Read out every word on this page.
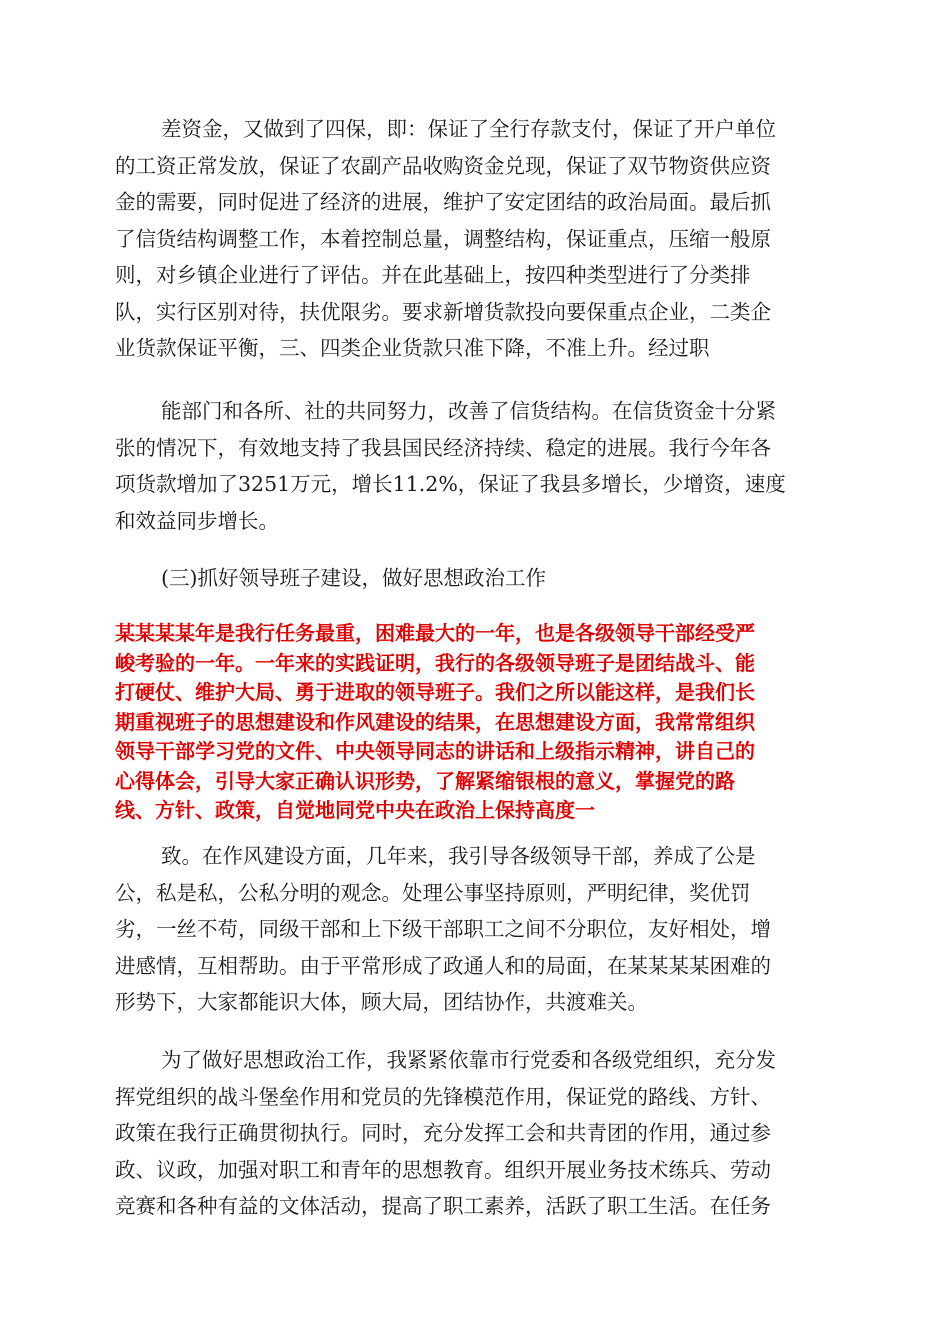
差资金，又做到了四保，即：保证了全行存款支付，保证了开户单位
的工资正常发放，保证了农副产品收购资金兑现，保证了双节物资供应资
金的需要，同时促进了经济的进展，维护了安定团结的政治局面。最后抓
了信货结构调整工作，本着控制总量，调整结构，保证重点，压缩一般原
则，对乡镇企业进行了评估。并在此基础上，按四种类型进行了分类排
队，实行区别对待，扶优限劣。要求新增货款投向要保重点企业，二类企
业货款保证平衡，三、四类企业货款只准下降，不准上升。经过职
能部门和各所、社的共同努力，改善了信货结构。在信货资金十分紧
张的情况下，有效地支持了我县国民经济持续、稳定的进展。我行今年各
项货款增加了3251万元，增长11.2%，保证了我县多增长，少增资，速度
和效益同步增长。
(三)抓好领导班子建设，做好思想政治工作
某某某某年是我行任务最重，困难最大的一年，也是各级领导干部经受严
峻考验的一年。一年来的实践证明，我行的各级领导班子是团结战斗、能
打硬仗、维护大局、勇于进取的领导班子。我们之所以能这样，是我们长
期重视班子的思想建设和作风建设的结果，在思想建设方面，我常常组织
领导干部学习党的文件、中央领导同志的讲话和上级指示精神，讲自己的
心得体会，引导大家正确认识形势，了解紧缩银根的意义，掌握党的路
线、方针、政策，自觉地同党中央在政治上保持高度一
致。在作风建设方面，几年来，我引导各级领导干部，养成了公是
公，私是私，公私分明的观念。处理公事坚持原则，严明纪律，奖优罚
劣，一丝不苟，同级干部和上下级干部职工之间不分职位，友好相处，增
进感情，互相帮助。由于平常形成了政通人和的局面，在某某某某困难的
形势下，大家都能识大体，顾大局，团结协作，共渡难关。
为了做好思想政治工作，我紧紧依靠市行党委和各级党组织，充分发
挥党组织的战斗堡垒作用和党员的先锋模范作用，保证党的路线、方针、
政策在我行正确贯彻执行。同时，充分发挥工会和共青团的作用，通过参
政、议政，加强对职工和青年的思想教育。组织开展业务技术练兵、劳动
竞赛和各种有益的文体活动，提高了职工素养，活跃了职工生活。在任务
